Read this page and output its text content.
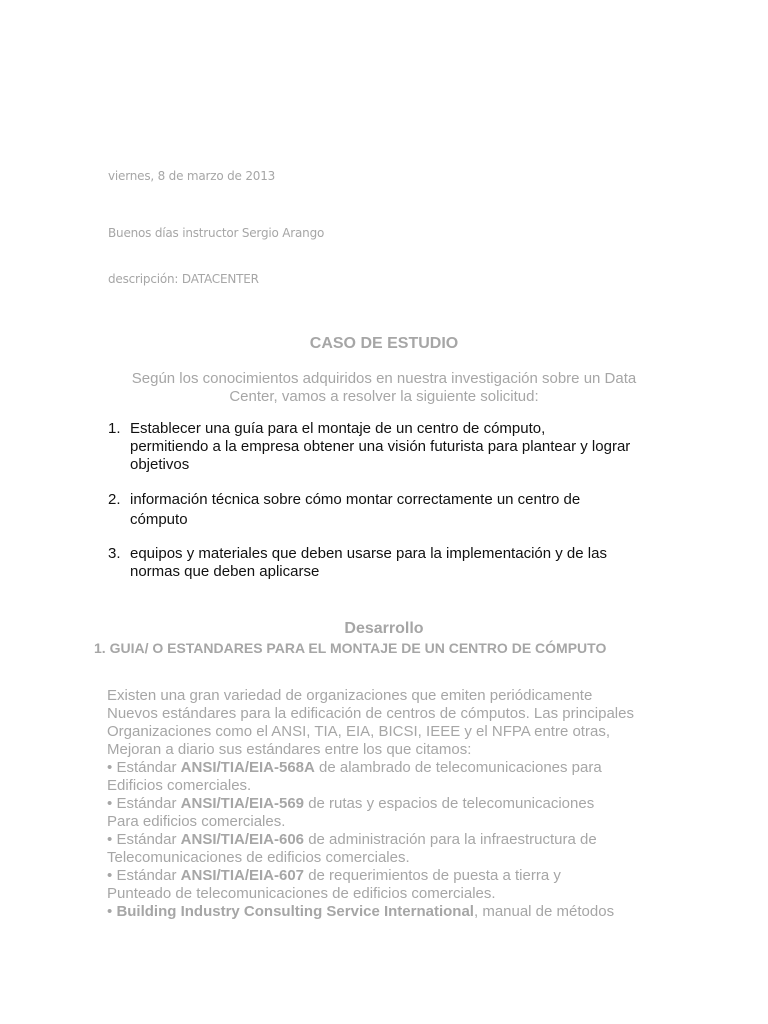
viernes, 8 de marzo de 2013
Buenos días instructor Sergio Arango
descripción: DATACENTER
CASO DE ESTUDIO
Según los conocimientos adquiridos en nuestra investigación sobre un Data
Center, vamos a resolver la siguiente solicitud:
1. Establecer una guía para el montaje de un centro de cómputo,
permitiendo a la empresa obtener una visión futurista para plantear y lograr
objetivos
2. información técnica sobre cómo montar correctamente un centro de
cómputo
3. equipos y materiales que deben usarse para la implementación y de las
normas que deben aplicarse
Desarrollo
1. GUIA/ O ESTANDARES PARA EL MONTAJE DE UN CENTRO DE CÓMPUTO
Existen una gran variedad de organizaciones que emiten periódicamente
Nuevos estándares para la edificación de centros de cómputos. Las principales
Organizaciones como el ANSI, TIA, EIA, BICSI, IEEE y el NFPA entre otras,
Mejoran a diario sus estándares entre los que citamos:
• Estándar ANSI/TIA/EIA-568A de alambrado de telecomunicaciones para
Edificios comerciales.
• Estándar ANSI/TIA/EIA-569 de rutas y espacios de telecomunicaciones
Para edificios comerciales.
• Estándar ANSI/TIA/EIA-606 de administración para la infraestructura de
Telecomunicaciones de edificios comerciales.
• Estándar ANSI/TIA/EIA-607 de requerimientos de puesta a tierra y
Punteado de telecomunicaciones de edificios comerciales.
• Building Industry Consulting Service International, manual de métodos
